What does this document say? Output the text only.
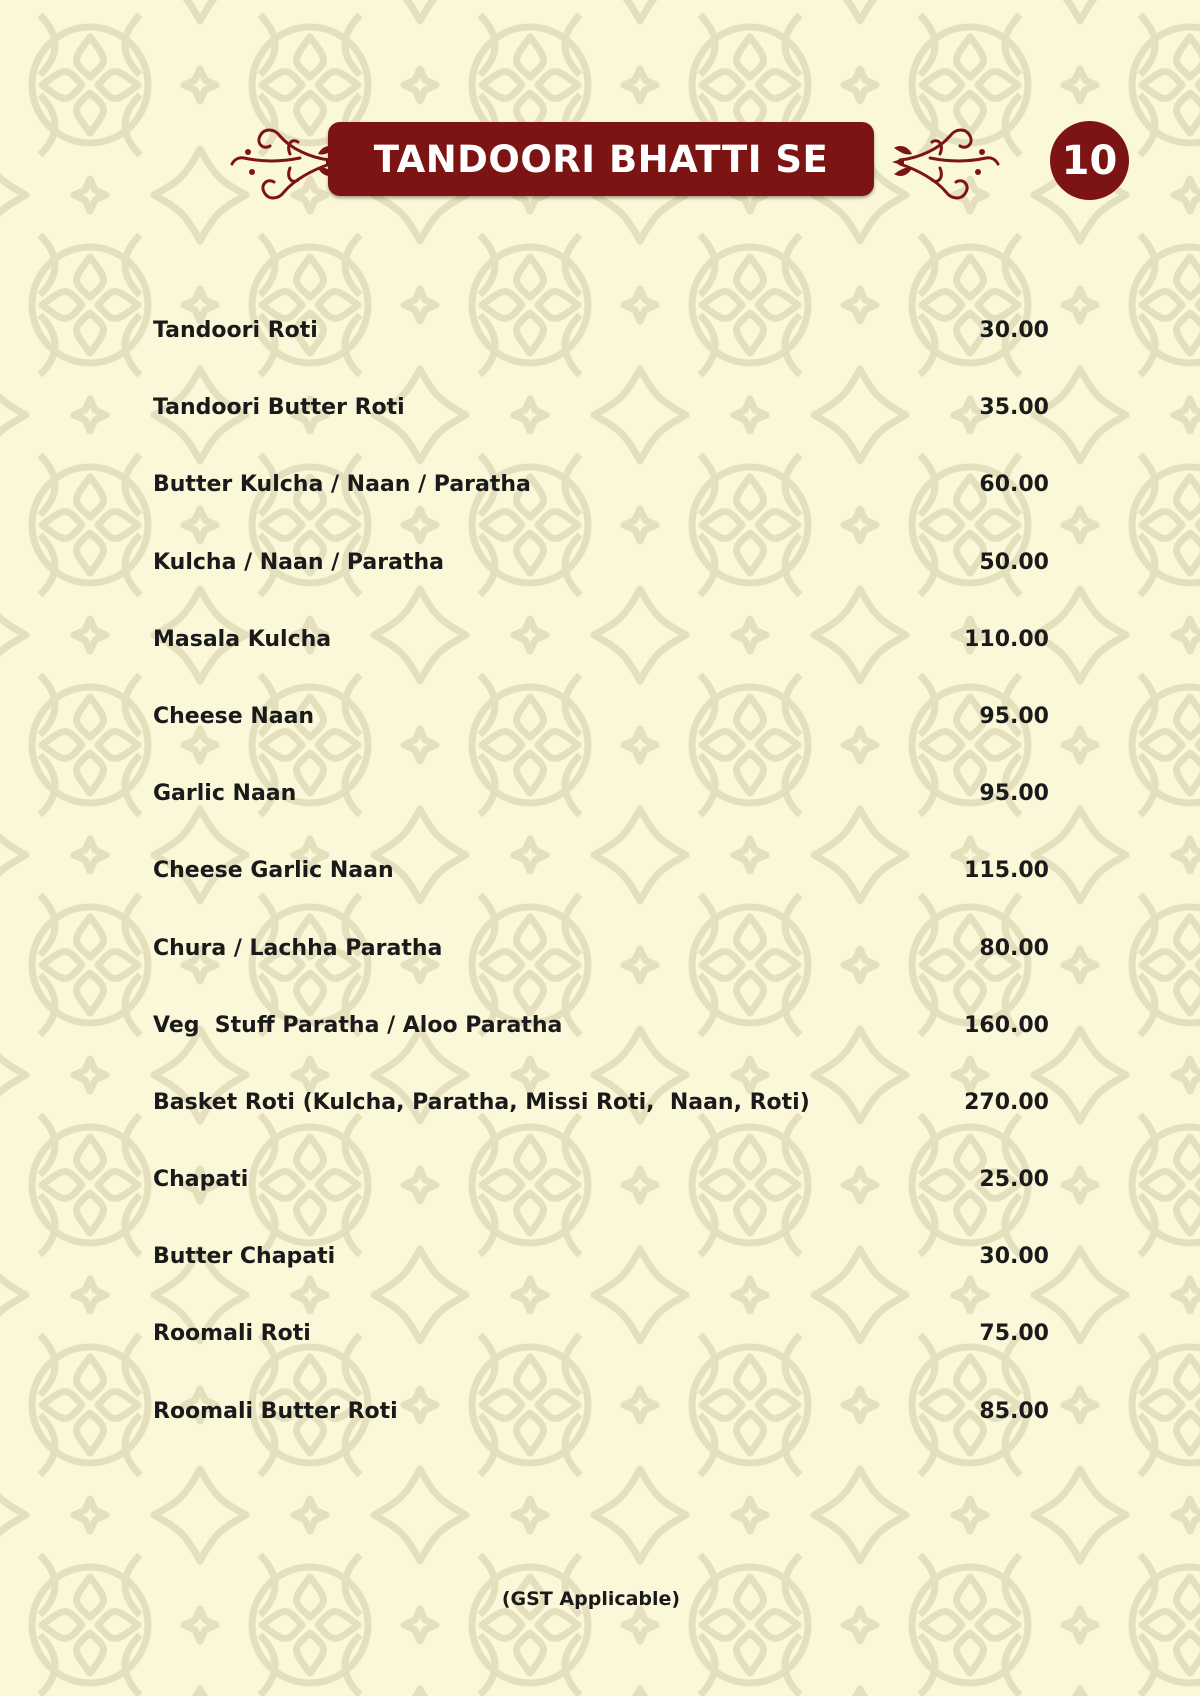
TANDOORI BHATTI SE	10
Tandoori Roti	30.00
Tandoori Butter Roti	35.00
Butter Kulcha / Naan / Paratha	60.00
Kulcha / Naan / Paratha	50.00
Masala Kulcha	110.00
Cheese Naan	95.00
Garlic Naan	95.00
Cheese Garlic Naan	115.00
Chura / Lachha Paratha	80.00
Veg  Stuff Paratha / Aloo Paratha	160.00
Basket Roti (Kulcha, Paratha, Missi Roti,  Naan, Roti)	270.00
Chapati	25.00
Butter Chapati	30.00
Roomali Roti	75.00
Roomali Butter Roti	85.00
(GST Applicable)
